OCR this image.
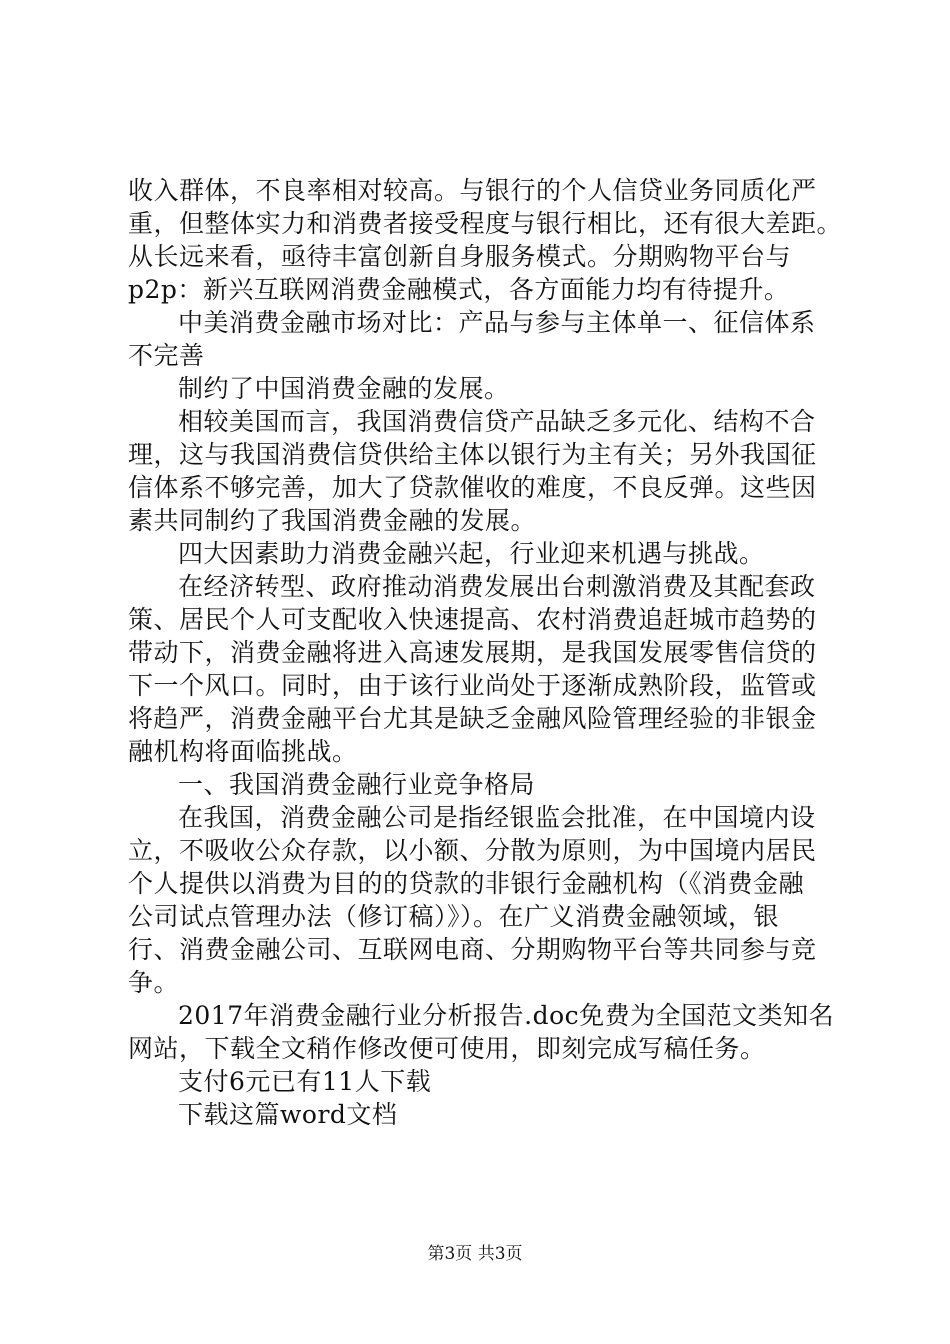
收入群体，不良率相对较高。与银行的个人信贷业务同质化严
重，但整体实力和消费者接受程度与银行相比，还有很大差距。
从长远来看，亟待丰富创新自身服务模式。分期购物平台与
p2p：新兴互联网消费金融模式，各方面能力均有待提升。
中美消费金融市场对比：产品与参与主体单一、征信体系
不完善
制约了中国消费金融的发展。
相较美国而言，我国消费信贷产品缺乏多元化、结构不合
理，这与我国消费信贷供给主体以银行为主有关；另外我国征
信体系不够完善，加大了贷款催收的难度，不良反弹。这些因
素共同制约了我国消费金融的发展。
四大因素助力消费金融兴起，行业迎来机遇与挑战。
在经济转型、政府推动消费发展出台刺激消费及其配套政
策、居民个人可支配收入快速提高、农村消费追赶城市趋势的
带动下，消费金融将进入高速发展期，是我国发展零售信贷的
下一个风口。同时，由于该行业尚处于逐渐成熟阶段，监管或
将趋严，消费金融平台尤其是缺乏金融风险管理经验的非银金
融机构将面临挑战。
一、我国消费金融行业竞争格局
在我国，消费金融公司是指经银监会批准，在中国境内设
立，不吸收公众存款，以小额、分散为原则，为中国境内居民
个人提供以消费为目的的贷款的非银行金融机构（《消费金融
公司试点管理办法（修订稿）》）。在广义消费金融领域，银
行、消费金融公司、互联网电商、分期购物平台等共同参与竞
争。
2017年消费金融行业分析报告.doc免费为全国范文类知名
网站，下载全文稍作修改便可使用，即刻完成写稿任务。
支付6元已有11人下载
下载这篇word文档
第3页 共3页
